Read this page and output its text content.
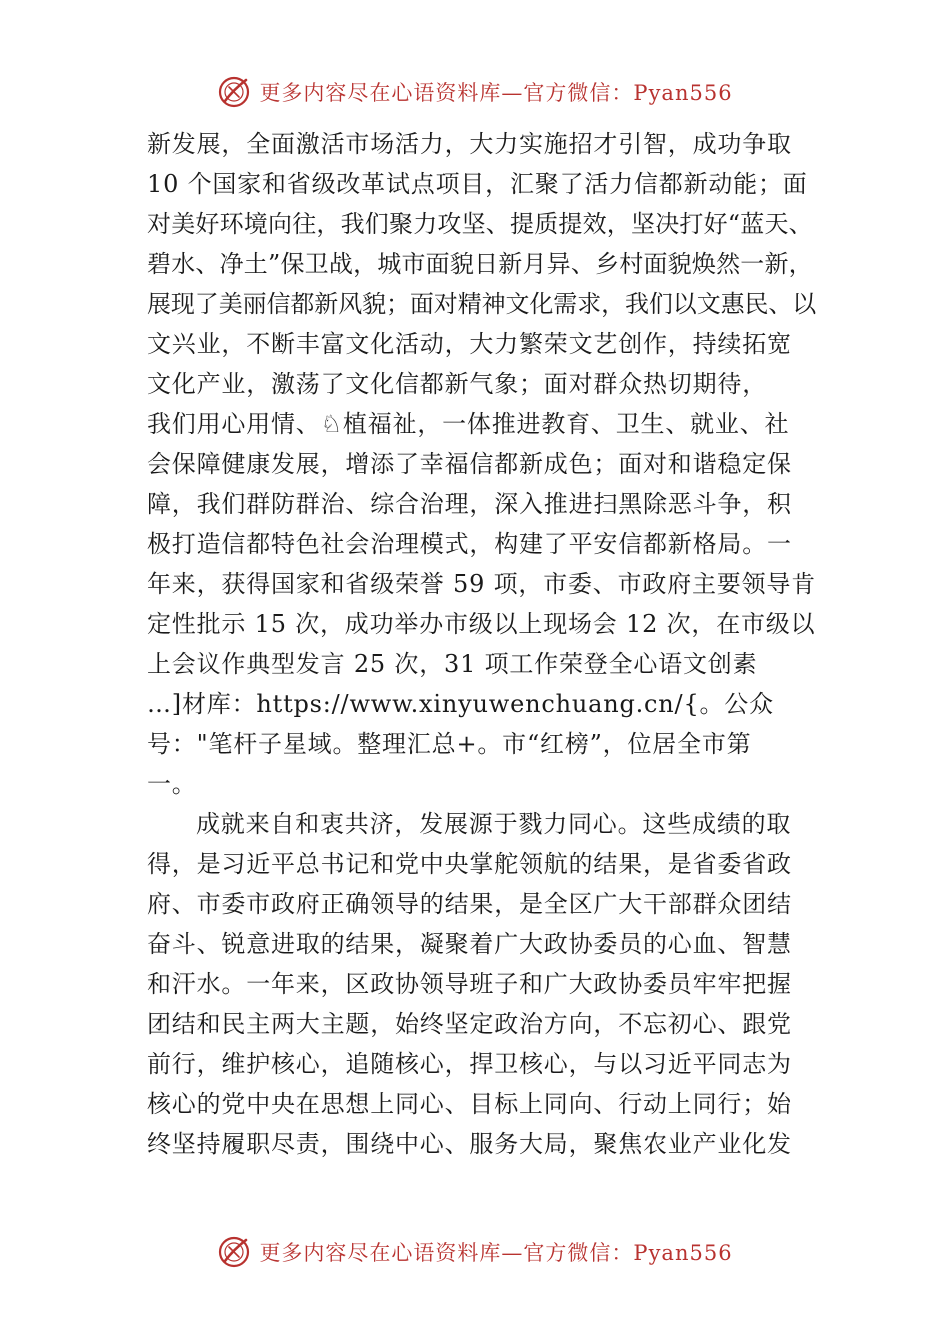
更多内容尽在心语资料库—官方微信：Pyan556
新发展，全面激活市场活力，大力实施招才引智，成功争取
10 个国家和省级改革试点项目，汇聚了活力信都新动能；面
对美好环境向往，我们聚力攻坚、提质提效，坚决打好“蓝天、
碧水、净土”保卫战，城市面貌日新月异、乡村面貌焕然一新，
展现了美丽信都新风貌；面对精神文化需求，我们以文惠民、以
文兴业，不断丰富文化活动，大力繁荣文艺创作，持续拓宽
文化产业，激荡了文化信都新气象；面对群众热切期待，
我们用心用情、♘植福祉，一体推进教育、卫生、就业、社
会保障健康发展，增添了幸福信都新成色；面对和谐稳定保
障，我们群防群治、综合治理，深入推进扫黑除恶斗争，积
极打造信都特色社会治理模式，构建了平安信都新格局。一
年来，获得国家和省级荣誉 59 项，市委、市政府主要领导肯
定性批示 15 次，成功举办市级以上现场会 12 次，在市级以
上会议作典型发言 25 次，31 项工作荣登全心语文创素
…]材库：https://www.xinyuwenchuang.cn/{。公众
号："笔杆子星域。整理汇总+。市“红榜”，位居全市第
一。
成就来自和衷共济，发展源于戮力同心。这些成绩的取
得，是习近平总书记和党中央掌舵领航的结果，是省委省政
府、市委市政府正确领导的结果，是全区广大干部群众团结
奋斗、锐意进取的结果，凝聚着广大政协委员的心血、智慧
和汗水。一年来，区政协领导班子和广大政协委员牢牢把握
团结和民主两大主题，始终坚定政治方向，不忘初心、跟党
前行，维护核心，追随核心，捍卫核心，与以习近平同志为
核心的党中央在思想上同心、目标上同向、行动上同行；始
终坚持履职尽责，围绕中心、服务大局，聚焦农业产业化发
更多内容尽在心语资料库—官方微信：Pyan556
